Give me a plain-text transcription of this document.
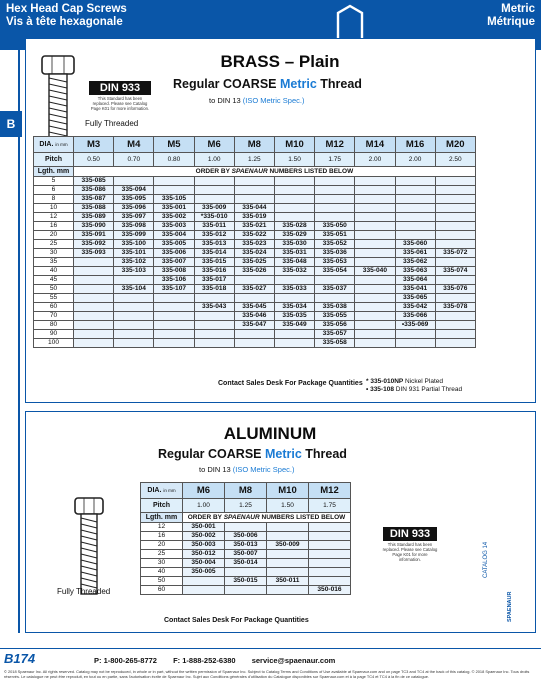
Hex Head Cap Screws
Vis à tête hexagonale
Metric
Métrique
B
DIN 933
This Standard has been replaced. Please see Catalog Page K01 for more information.
Fully Threaded
BRASS – Plain
Regular COARSE Metric Thread
to DIN 13 (ISO Metric Spec.)
DIA. in mm	M3	M4	M5	M6	M8	M10	M12	M14	M16	M20
Pitch	0.50	0.70	0.80	1.00	1.25	1.50	1.75	2.00	2.00	2.50
Lgth. mm	ORDER BY SPAENAUR NUMBERS LISTED BELOW									
5	335-085									
6	335-086	335-094								
8	335-087	335-095	335-105							
10	335-088	335-096	335-001	335-009	335-044					
12	335-089	335-097	335-002	*335-010	335-019					
16	335-090	335-098	335-003	335-011	335-021	335-028	335-050			
20	335-091	335-099	335-004	335-012	335-022	335-029	335-051			
25	335-092	335-100	335-005	335-013	335-023	335-030	335-052		335-060	
30	335-093	335-101	335-006	335-014	335-024	335-031	335-036		335-061	335-072
35		335-102	335-007	335-015	335-025	335-048	335-053		335-062	
40		335-103	335-008	335-016	335-026	335-032	335-054	335-040	335-063	335-074
45			335-106	335-017					335-064	
50		335-104	335-107	335-018	335-027	335-033	335-037		335-041	335-076
55									335-065	
60				335-043	335-045	335-034	335-038		335-042	335-078
70					335-046	335-035	335-055		335-066	
80					335-047	335-049	335-056		•335-069	
90							335-057			
100							335-058			
Contact Sales Desk For Package Quantities * 335-010NP Nickel Plated
• 335-108 DIN 931 Partial Thread
ALUMINUM
Regular COARSE Metric Thread
to DIN 13 (ISO Metric Spec.)
Fully Threaded
DIA. in mm	M6	M8	M10	M12
Pitch	1.00	1.25	1.50	1.75
Lgth. mm	ORDER BY SPAENAUR NUMBERS LISTED BELOW			
12	350-001			
16	350-002	350-006		
20	350-003	350-013	350-009	
25	350-012	350-007		
30	350-004	350-014		
40	350-005			
50		350-015	350-011	
60				350-016
DIN 933
This Standard has been replaced. Please see Catalog Page K01 for more information.
Contact Sales Desk For Package Quantities
CATALOG 14
SPAENAUR
B174	P: 1-800-265-8772 F: 1-888-252-6380 service@spaenaur.com
© 2018 Spaenaur Inc. All rights reserved. Catalog may not be reproduced, in whole or in part, without the written permission of Spaenaur Inc. Subject to Catalog Terms and Conditions of Use available at Spaenaur.com and on page TC3 and TC4 at the back of this catalog. © 2018 Spaenaur Inc. Tous droits réservés. Le catalogue ne peut être reproduit, en tout ou en partie, sans l'autorisation écrite de Spaenaur Inc. Sujet aux Conditions générales d'utilisation du Catalogue disponibles sur Spaenaur.com et à la page TC4 et TC4 à la fin de ce catalogue.
